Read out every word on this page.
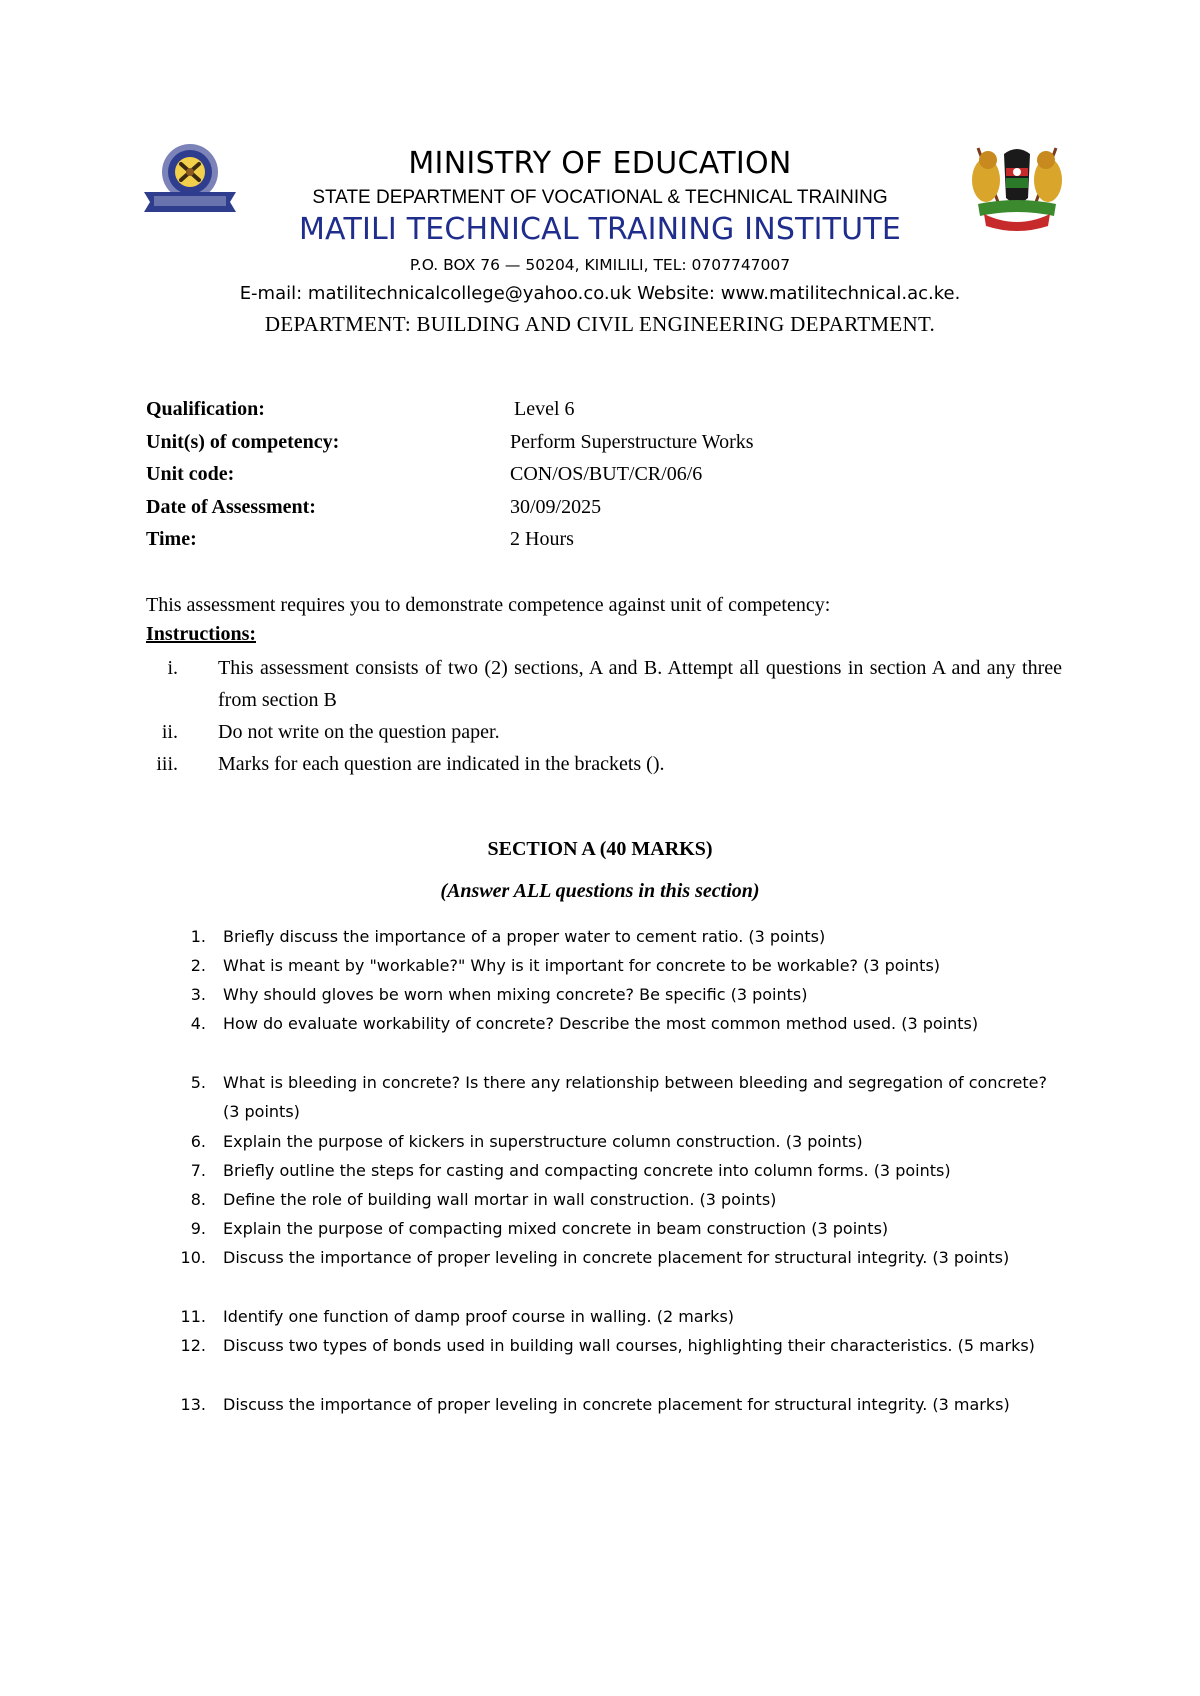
MINISTRY OF EDUCATION
STATE DEPARTMENT OF VOCATIONAL & TECHNICAL TRAINING
MATILI TECHNICAL TRAINING INSTITUTE
P.O. BOX 76 — 50204, KIMILILI, TEL: 0707747007
E-mail: matilitechnicalcollege@yahoo.co.uk Website: www.matilitechnical.ac.ke.
DEPARTMENT: BUILDING AND CIVIL ENGINEERING DEPARTMENT.
Qualification:	Level 6
Unit(s) of competency:	Perform Superstructure Works
Unit code:	CON/OS/BUT/CR/06/6
Date of Assessment:	30/09/2025
Time:	2 Hours
This assessment requires you to demonstrate competence against unit of competency:
Instructions:
i. This assessment consists of two (2) sections, A and B. Attempt all questions in section A and any three from section B
ii. Do not write on the question paper.
iii. Marks for each question are indicated in the brackets ().
SECTION A (40 MARKS)
(Answer ALL questions in this section)
1. Briefly discuss the importance of a proper water to cement ratio. (3 points)
2. What is meant by "workable?" Why is it important for concrete to be workable? (3 points)
3. Why should gloves be worn when mixing concrete? Be specific (3 points)
4. How do evaluate workability of concrete? Describe the most common method used. (3 points)
5. What is bleeding in concrete? Is there any relationship between bleeding and segregation of concrete? (3 points)
6. Explain the purpose of kickers in superstructure column construction. (3 points)
7. Briefly outline the steps for casting and compacting concrete into column forms. (3 points)
8. Define the role of building wall mortar in wall construction. (3 points)
9. Explain the purpose of compacting mixed concrete in beam construction (3 points)
10. Discuss the importance of proper leveling in concrete placement for structural integrity. (3 points)
11. Identify one function of damp proof course in walling. (2 marks)
12. Discuss two types of bonds used in building wall courses, highlighting their characteristics. (5 marks)
13. Discuss the importance of proper leveling in concrete placement for structural integrity. (3 marks)
